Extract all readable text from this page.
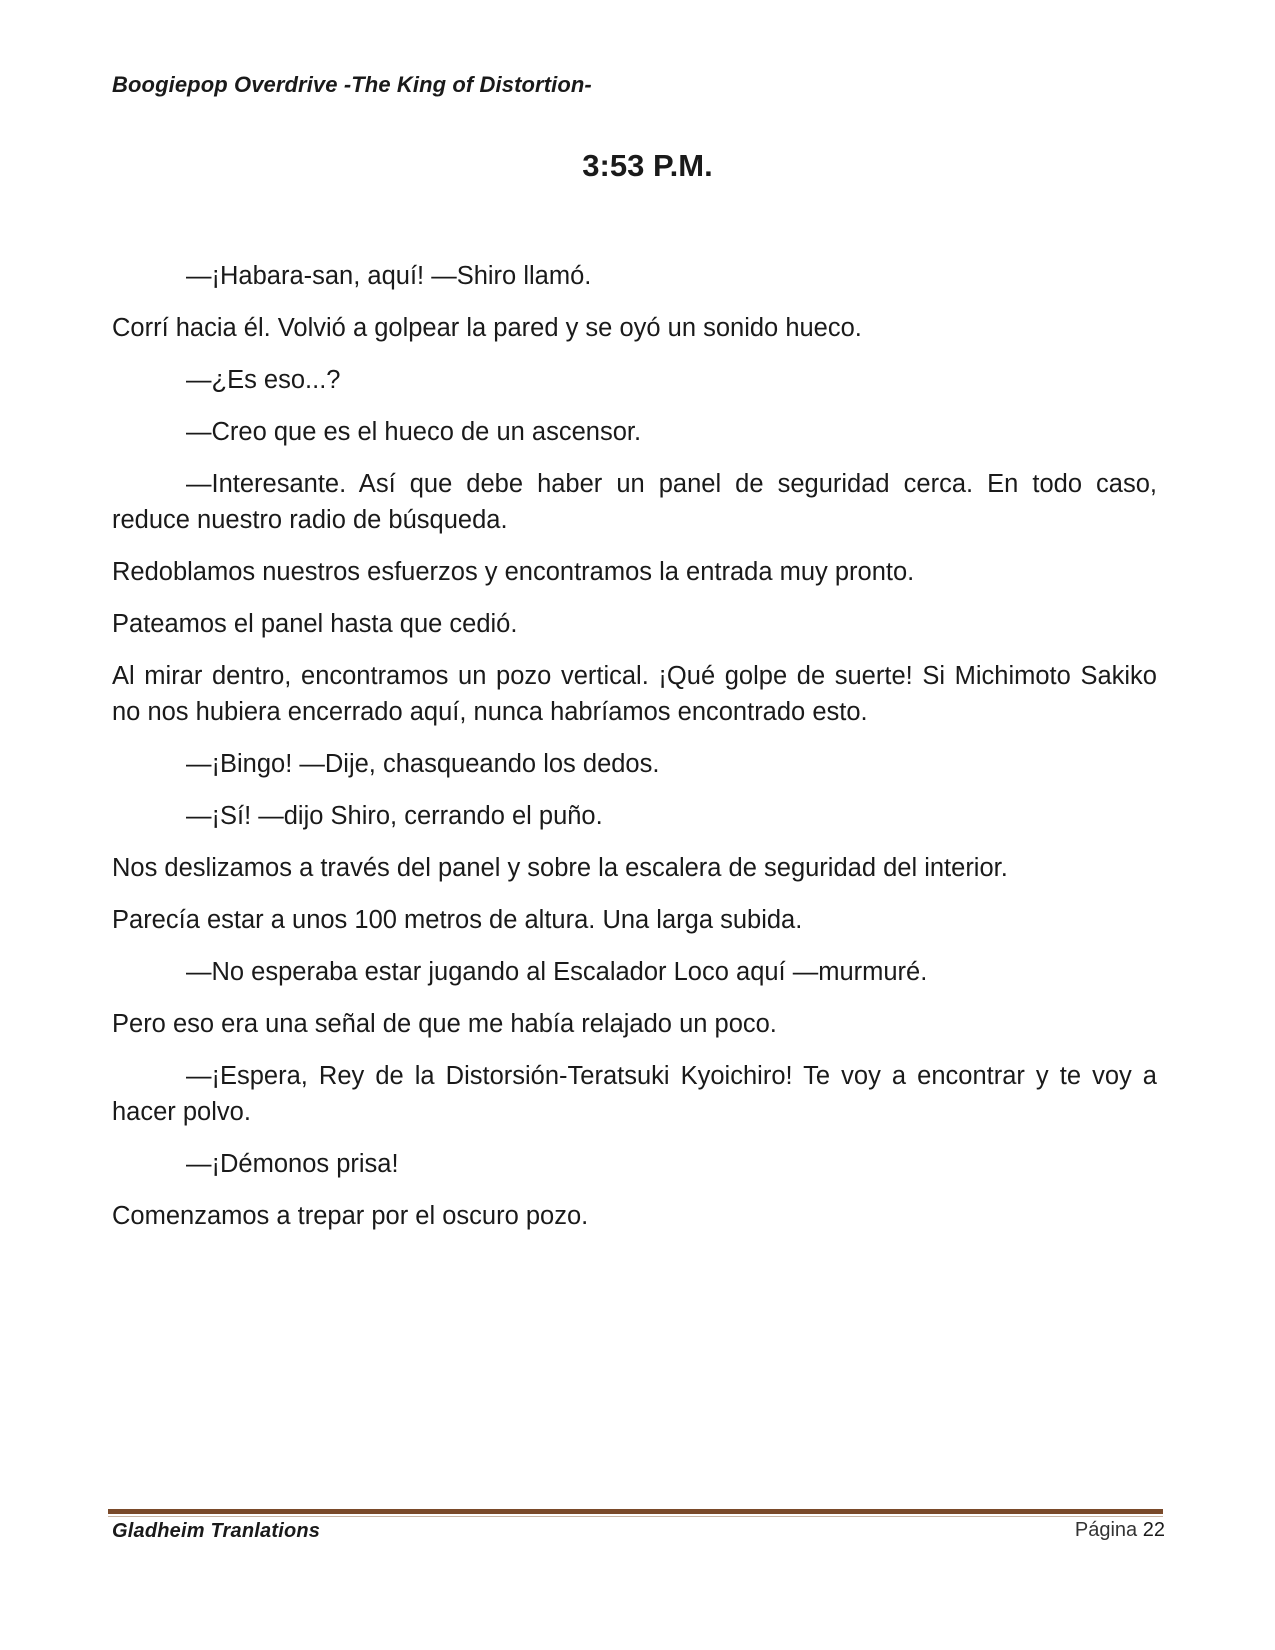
Boogiepop Overdrive -The King of Distortion-
3:53 P.M.

—¡Habara-san, aquí! —Shiro llamó.

Corrí hacia él. Volvió a golpear la pared y se oyó un sonido hueco.

—¿Es eso...?

—Creo que es el hueco de un ascensor.

—Interesante. Así que debe haber un panel de seguridad cerca. En todo caso, reduce nuestro radio de búsqueda.

Redoblamos nuestros esfuerzos y encontramos la entrada muy pronto.

Pateamos el panel hasta que cedió.

Al mirar dentro, encontramos un pozo vertical. ¡Qué golpe de suerte! Si Michimoto Sakiko no nos hubiera encerrado aquí, nunca habríamos encontrado esto.

—¡Bingo! —Dije, chasqueando los dedos.

—¡Sí! —dijo Shiro, cerrando el puño.

Nos deslizamos a través del panel y sobre la escalera de seguridad del interior.

Parecía estar a unos 100 metros de altura. Una larga subida.

—No esperaba estar jugando al Escalador Loco aquí —murmuré.

Pero eso era una señal de que me había relajado un poco.

—¡Espera, Rey de la Distorsión-Teratsuki Kyoichiro! Te voy a encontrar y te voy a hacer polvo.

—¡Démonos prisa!

Comenzamos a trepar por el oscuro pozo.

Gladheim Tranlations	Página 22
